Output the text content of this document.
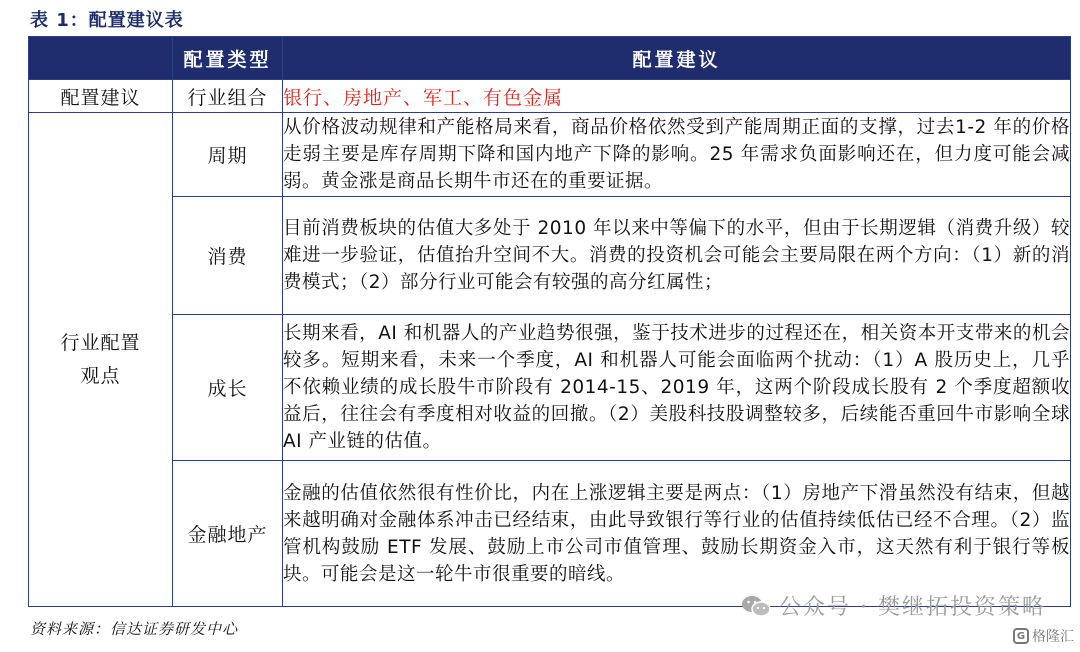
表 1：配置建议表
	配置类型	配置建议
配置建议	行业组合	银行、房地产、军工、有色金属
行业配置观点	周期	从价格波动规律和产能格局来看，商品价格依然受到产能周期正面的支撑，过去1-2 年的价格走弱主要是库存周期下降和国内地产下降的影响。25 年需求负面影响还在，但力度可能会减弱。黄金涨是商品长期牛市还在的重要证据。
	消费	目前消费板块的估值大多处于 2010 年以来中等偏下的水平，但由于长期逻辑（消费升级）较难进一步验证，估值抬升空间不大。消费的投资机会可能会主要局限在两个方向：（1）新的消费模式；（2）部分行业可能会有较强的高分红属性；
	成长	长期来看，AI 和机器人的产业趋势很强，鉴于技术进步的过程还在，相关资本开支带来的机会较多。短期来看，未来一个季度，AI 和机器人可能会面临两个扰动：（1）A 股历史上，几乎不依赖业绩的成长股牛市阶段有 2014-15、2019 年，这两个阶段成长股有 2 个季度超额收益后，往往会有季度相对收益的回撤。（2）美股科技股调整较多，后续能否重回牛市影响全球 AI 产业链的估值。
	金融地产	金融的估值依然很有性价比，内在上涨逻辑主要是两点：（1）房地产下滑虽然没有结束，但越来越明确对金融体系冲击已经结束，由此导致银行等行业的估值持续低估已经不合理。（2）监管机构鼓励 ETF 发展、鼓励上市公司市值管理、鼓励长期资金入市，这天然有利于银行等板块。可能会是这一轮牛市很重要的暗线。
资料来源：信达证券研发中心
公众号 · 樊继拓投资策略
G 格隆汇
